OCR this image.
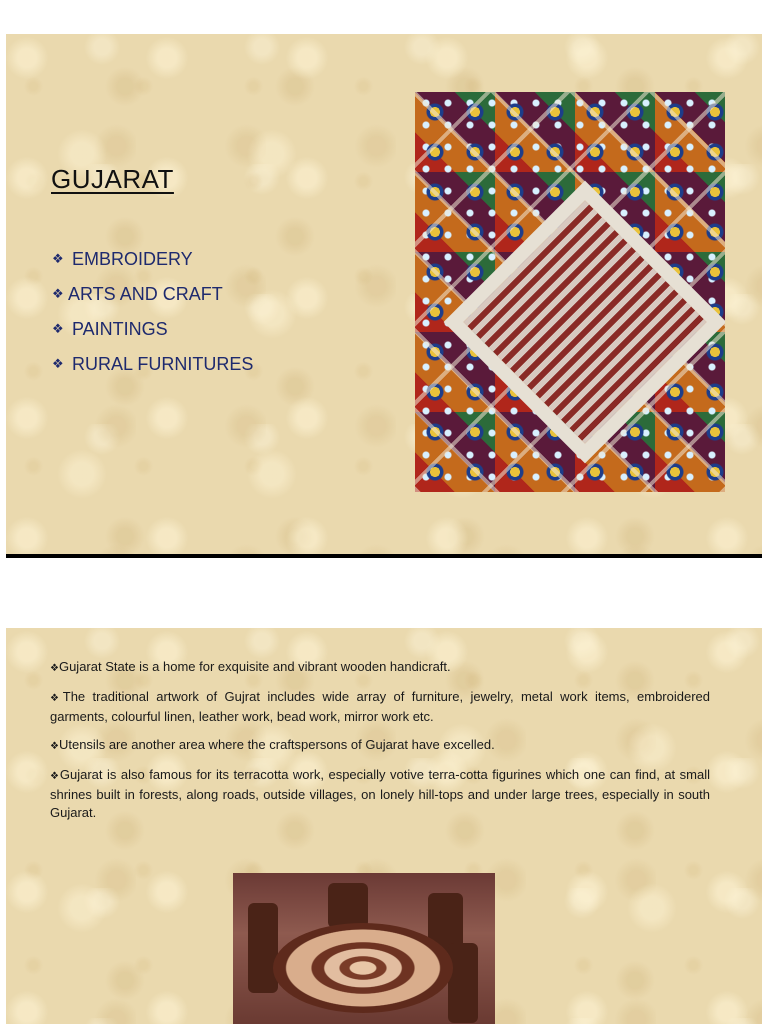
GUJARAT
❖ EMBROIDERY
❖ ARTS AND CRAFT
❖ PAINTINGS
❖ RURAL FURNITURES

❖Gujarat State is a home for exquisite and vibrant wooden handicraft.

❖The traditional artwork of Gujrat includes wide array of furniture, jewelry, metal work items, embroidered garments, colourful linen, leather work, bead work, mirror work etc.

❖Utensils are another area where the craftspersons of Gujarat have excelled.

❖Gujarat is also famous for its terracotta work, especially votive terra-cotta figurines which one can find, at small shrines built in forests, along roads, outside villages, on lonely hill-tops and under large trees, especially in south Gujarat.
